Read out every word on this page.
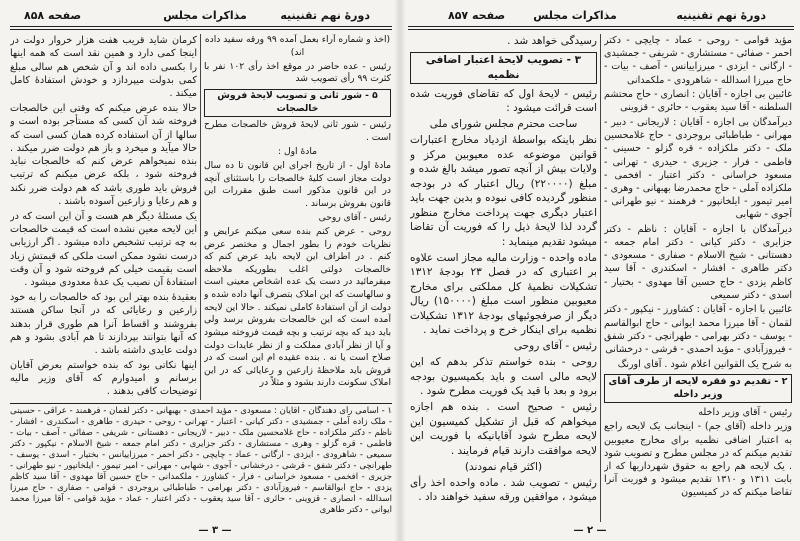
صفحه ۸۵۸	مذاکرات مجلس	دورهٔ نهم تقنینیه

(اخذ و شماره آراء بعمل آمده ۹۹ ورقه سفید داده اند)

رئیس - عده حاضر در موقع اخذ رأی ۱۰۲ نفر با کثرت ۹۹ رأی تصویب شد

۵ - شور ثانی و تصویب لایحهٔ فروش خالصجات

رئیس - شور ثانی لایحهٔ فروش خالصجات مطرح است .

مادهٔ اول :

مادهٔ اول - از تاریخ اجرای این قانون تا ده سال دولت مجاز است کلیهٔ خالصجات را باستثنای آنچه در این قانون مذکور است طبق مقررات این قانون بفروش برساند .

رئیس - آقای روحی

روحی - عرض کنم بنده سعی میکنم عرایض و نظریات خودم را بطور اجمال و مختصر عرض کنم . در اطراف این لایحه باید عرض کنم که خالصجات دولتی اغلب بطوریکه ملاحظه میفرمائید در دست یک عده اشخاص معینی است و سالهاست که این املاک بتصرف آنها داده شده و دولت از آن استفادهٔ کاملی نمیکند . حالا این لایحه آمده است که این خالصجات بفروش برسد ولی باید دید که بچه ترتیب و بچه قیمت فروخته میشود و آیا از نظر آبادی مملکت و از نظر عایدات دولت صلاح است یا نه . بنده عقیده ام این است که در فروش باید ملاحظهٔ زارعین و رعایائی که در این املاک سکونت دارند بشود و مثلاً در

کرمان شاید قریب هفت هزار خروار دولت در اینجا کمی دارد و همین نقد است که همه اینها را بکسی داده اند و آن شخص هم سالی مبلغ کمی بدولت میپردازد و خودش استفادهٔ کامل میکند .

حالا بنده عرض میکنم که وقتی این خالصجات فروخته شد آن کسی که مستأجر بوده است و سالها از آن استفاده کرده همان کسی است که حالا میآید و میخرد و باز هم دولت ضرر میکند . بنده نمیخواهم عرض کنم که خالصجات نباید فروخته شود ، بلکه عرض میکنم که ترتیب فروش باید طوری باشد که هم دولت ضرر نکند و هم رعایا و زارعین آسوده باشند .

یک مسئلهٔ دیگر هم هست و آن این است که در این لایحه معین نشده است که قیمت خالصجات به چه ترتیب تشخیص داده میشود . اگر ارزیابی درست نشود ممکن است ملکی که قیمتش زیاد است بقیمت خیلی کم فروخته شود و آن وقت استفادهٔ آن نصیب یک عدهٔ معدودی میشود .

بعقیدهٔ بنده بهتر این بود که خالصجات را به خود زارعین و رعایائی که در آنجا ساکن هستند بفروشند و اقساط آنرا هم طوری قرار بدهند که آنها بتوانند بپردازند تا هم آبادی بشود و هم دولت عایدی داشته باشد .

اینها نکاتی بود که بنده خواستم بعرض آقایان برسانم و امیدوارم که آقای وزیر مالیه توضیحات کافی بدهند .

۱ - اسامی رأی دهندگان - آقایان : مسعودی - مؤید احمدی - بهبهانی - دکتر لقمان - فرهمند - عراقی - حسینی - ملک زاده آملی - جمشیدی - دکتر کیانی - اعتبار - تهرانی - روحی - حیدری - طاهری - اسکندری - افشار - ناظم - دکتر ملکزاده - حاج غلامحسین ملک - دبیر - لاریجانی - دهستانی - شریفی - صفائی - آصف - بیات - فاطمی - قره گزلو - وهری - مستشاری - دکتر جزایری - دکتر امام جمعه - شیخ الاسلام - نیکپور - دکتر سمیعی - شاهرودی - ایزدی - ارگانی - عماد - چایچی - دکتر احمر - میرزاییانس - بختیار - اسدی - یوسف - طهرانچی - دکتر شفق - قرشی - درخشانی - آجوی - شهابی - مهرانی - امیر تیمور - ایلخانپور - نیو طهرانی - جزیری - افخمی - مسعود خراسانی - فرار - کشاورز - ملکمدانی - حاج حسین آقا مهدوی - آقا سید کاظم یزدی - حاج ابوالقاسم - فیروزآبادی - دکتر بهرامی - طباطبائی بروجردی - قوامی - صفاری - حاج میرزا اسدالله - انصاری - قزوینی - حائری - آقا سید یعقوب - دکتر اعتبار - عماد - مؤید قوامی - آقا میرزا محمد ایوانی - دکتر طاهری

— ۳ —
صفحه ۸۵۷	مذاکرات مجلس	دورهٔ نهم تقنینیه

مؤید قوامی - روحی - عماد - چایچی - دکتر احمر - صفائی - مستشاری - شریفی - جمشیدی - ارگانی - ایزدی - میرزاییانس - آصف - بیات - حاج میرزا اسدالله - شاهرودی - ملکمدانی

غائبین بی اجازه - آقایان : انصاری - حاج محتشم السلطنه - آقا سید یعقوب - حائری - قزوینی

دیرآمدگان بی اجازه - آقایان : لاریجانی - دبیر - مهرانی - طباطبائی بروجردی - حاج غلامحسین ملک - دکتر ملکزاده - قره گزلو - حسینی - فاطمی - فرار - جزیری - حیدری - تهرانی - مسعود خراسانی - دکتر اعتبار - افخمی - ملکزاده آملی - حاج محمدرضا بهبهانی - وهری - امیر تیمور - ایلخانپور - فرهمند - نیو طهرانی - آجوی - شهابی

دیرآمدگان با اجازه - آقایان : ناظم - دکتر جزایری - دکتر کیانی - دکتر امام جمعه - دهستانی - شیخ الاسلام - صفاری - مسعودی - دکتر طاهری - افشار - اسکندری - آقا سید کاظم یزدی - حاج حسین آقا مهدوی - بختیار - اسدی - دکتر سمیعی

غائبین با اجازه - آقایان : کشاورز - نیکپور - دکتر لقمان - آقا میرزا محمد ایوانی - حاج ابوالقاسم - یوسف - دکتر بهرامی - طهرانچی - دکتر شفق - فیروزآبادی - مؤید احمدی - قرشی - درخشانی

به شرح یک القوانین اعلام شود . آقای اورنگ

۲ - تقدیم دو فقره لایحه از طرف آقای وزیر داخله

رئیس - آقای وزیر داخله

وزیر داخله (آقای جم) - اینجانب یک لایحه راجع به اعتبار اضافی نظمیه برای مخارج معیوبین تقدیم میکنم که در مجلس مطرح و تصویب شود . یک لایحه هم راجع به حقوق شهرداریها که از بابت ۱۳۱۱ و ۱۳۱۰ تقدیم میشود و فوریت آنرا تقاضا میکنم که در کمیسیون

رسیدگی خواهد شد .

۳ - تصویب لایحهٔ اعتبار اضافی نظمیه

رئیس - لایحهٔ اول که تقاضای فوریت شده است قرائت میشود :

ساحت محترم مجلس شورای ملی

نظر باینکه بواسطهٔ ازدیاد مخارج اعتبارات قوانین موضوعه عده معیوبین مرکز و ولایات بیش از آنچه تصور میشد بالغ شده و مبلغ (۲۲۰۰۰۰) ریال اعتبار که در بودجه منظور گردیده کافی نبوده و بدین جهت باید اعتبار دیگری جهت پرداخت مخارج منظور گردد لذا لایحهٔ ذیل را که فوریت آن تقاضا میشود تقدیم مینماید :

ماده واحده - وزارت مالیه مجاز است علاوه بر اعتباری که در فصل ۲۳ بودجهٔ ۱۳۱۲ تشکیلات نظمیهٔ کل مملکتی برای مخارج معیوبین منظور است مبلغ (۱۵۰۰۰۰) ریال دیگر از صرفجوئیهای بودجهٔ ۱۳۱۲ تشکیلات نظمیه برای اینکار خرج و پرداخت نماید .

رئیس - آقای روحی

روحی - بنده خواستم تذکر بدهم که این لایحه مالی است و باید بکمیسیون بودجه برود و بعد با قید یک فوریت مطرح شود .

رئیس - صحیح است . بنده هم اجازه میخواهم که قبل از تشکیل کمیسیون این لایحه مطرح شود آقایانیکه با فوریت این لایحه موافقت دارند قیام فرمایند .

(اکثر قیام نمودند)

رئیس - تصویب شد . ماده واحده اخذ رأی میشود ، موافقین ورقه سفید خواهند داد .

— ۲ —
